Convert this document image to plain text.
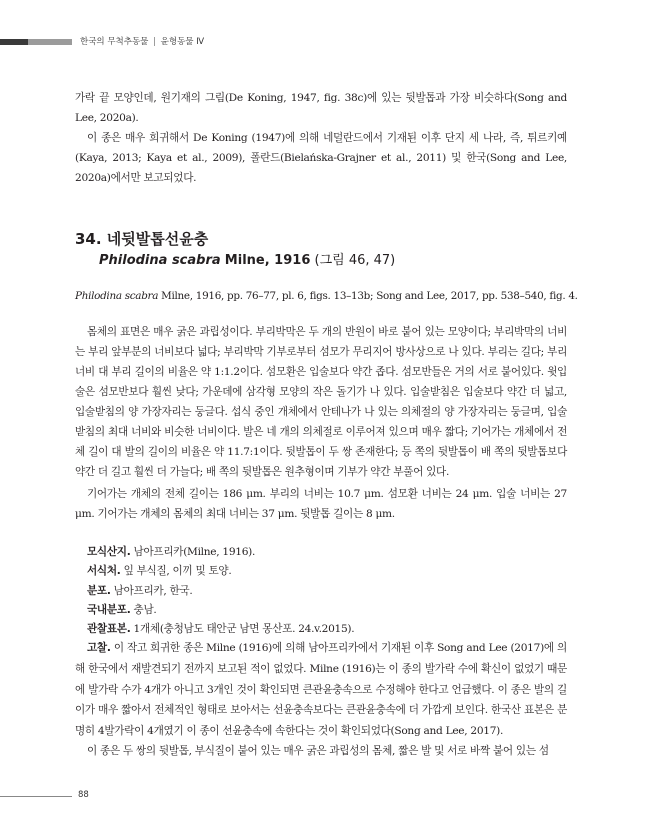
한국의 무척추동물 | 윤형동물 Ⅳ
가락 끝 모양인데, 원기재의 그림(De Koning, 1947, fig. 38c)에 있는 뒷발톱과 가장 비슷하다(Song and Lee, 2020a).
이 종은 매우 희귀해서 De Koning (1947)에 의해 네덜란드에서 기재된 이후 단지 세 나라, 즉, 튀르키예(Kaya, 2013; Kaya et al., 2009), 폴란드(Bielańska-Grajner et al., 2011) 및 한국(Song and Lee, 2020a)에서만 보고되었다.
34. 네뒷발톱선윤충
Philodina scabra Milne, 1916 (그림 46, 47)
Philodina scabra Milne, 1916, pp. 76–77, pl. 6, figs. 13–13b; Song and Lee, 2017, pp. 538–540, fig. 4.
몸체의 표면은 매우 굵은 과립성이다. 부리박막은 두 개의 반원이 바로 붙어 있는 모양이다; 부리박막의 너비는 부리 앞부분의 너비보다 넓다; 부리박막 기부로부터 섬모가 무리지어 방사상으로 나 있다. 부리는 길다; 부리 너비 대 부리 길이의 비율은 약 1:1.2이다. 섬모환은 입술보다 약간 좁다. 섬모반들은 거의 서로 붙어있다. 윗입술은 섬모반보다 훨씬 낮다; 가운데에 삼각형 모양의 작은 돌기가 나 있다. 입술받침은 입술보다 약간 더 넓고, 입술받침의 양 가장자리는 둥글다. 섭식 중인 개체에서 안테나가 나 있는 의체절의 양 가장자리는 둥글며, 입술받침의 최대 너비와 비슷한 너비이다. 발은 네 개의 의체절로 이루어져 있으며 매우 짧다; 기어가는 개체에서 전체 길이 대 발의 길이의 비율은 약 11.7:1이다. 뒷발톱이 두 쌍 존재한다; 등 쪽의 뒷발톱이 배 쪽의 뒷발톱보다 약간 더 길고 훨씬 더 가늘다; 배 쪽의 뒷발톱은 원추형이며 기부가 약간 부풀어 있다.
기어가는 개체의 전체 길이는 186 μm. 부리의 너비는 10.7 μm. 섬모환 너비는 24 μm. 입술 너비는 27 μm. 기어가는 개체의 몸체의 최대 너비는 37 μm. 뒷발톱 길이는 8 μm.
모식산지. 남아프리카(Milne, 1916).
서식처. 잎 부식질, 이끼 및 토양.
분포. 남아프리카, 한국.
국내분포. 충남.
관찰표본. 1개체(충청남도 태안군 남면 몽산포. 24.v.2015).
고찰. 이 작고 희귀한 종은 Milne (1916)에 의해 남아프리카에서 기재된 이후 Song and Lee (2017)에 의해 한국에서 재발견되기 전까지 보고된 적이 없었다. Milne (1916)는 이 종의 발가락 수에 확신이 없었기 때문에 발가락 수가 4개가 아니고 3개인 것이 확인되면 큰관윤충속으로 수정해야 한다고 언급했다. 이 종은 발의 길이가 매우 짧아서 전체적인 형태로 보아서는 선윤충속보다는 큰관윤충속에 더 가깝게 보인다. 한국산 표본은 분명히 4발가락이 4개였기 이 종이 선윤충속에 속한다는 것이 확인되었다(Song and Lee, 2017).
이 종은 두 쌍의 뒷발톱, 부식질이 붙어 있는 매우 굵은 과립성의 몸체, 짧은 발 및 서로 바짝 붙어 있는 섬
88
